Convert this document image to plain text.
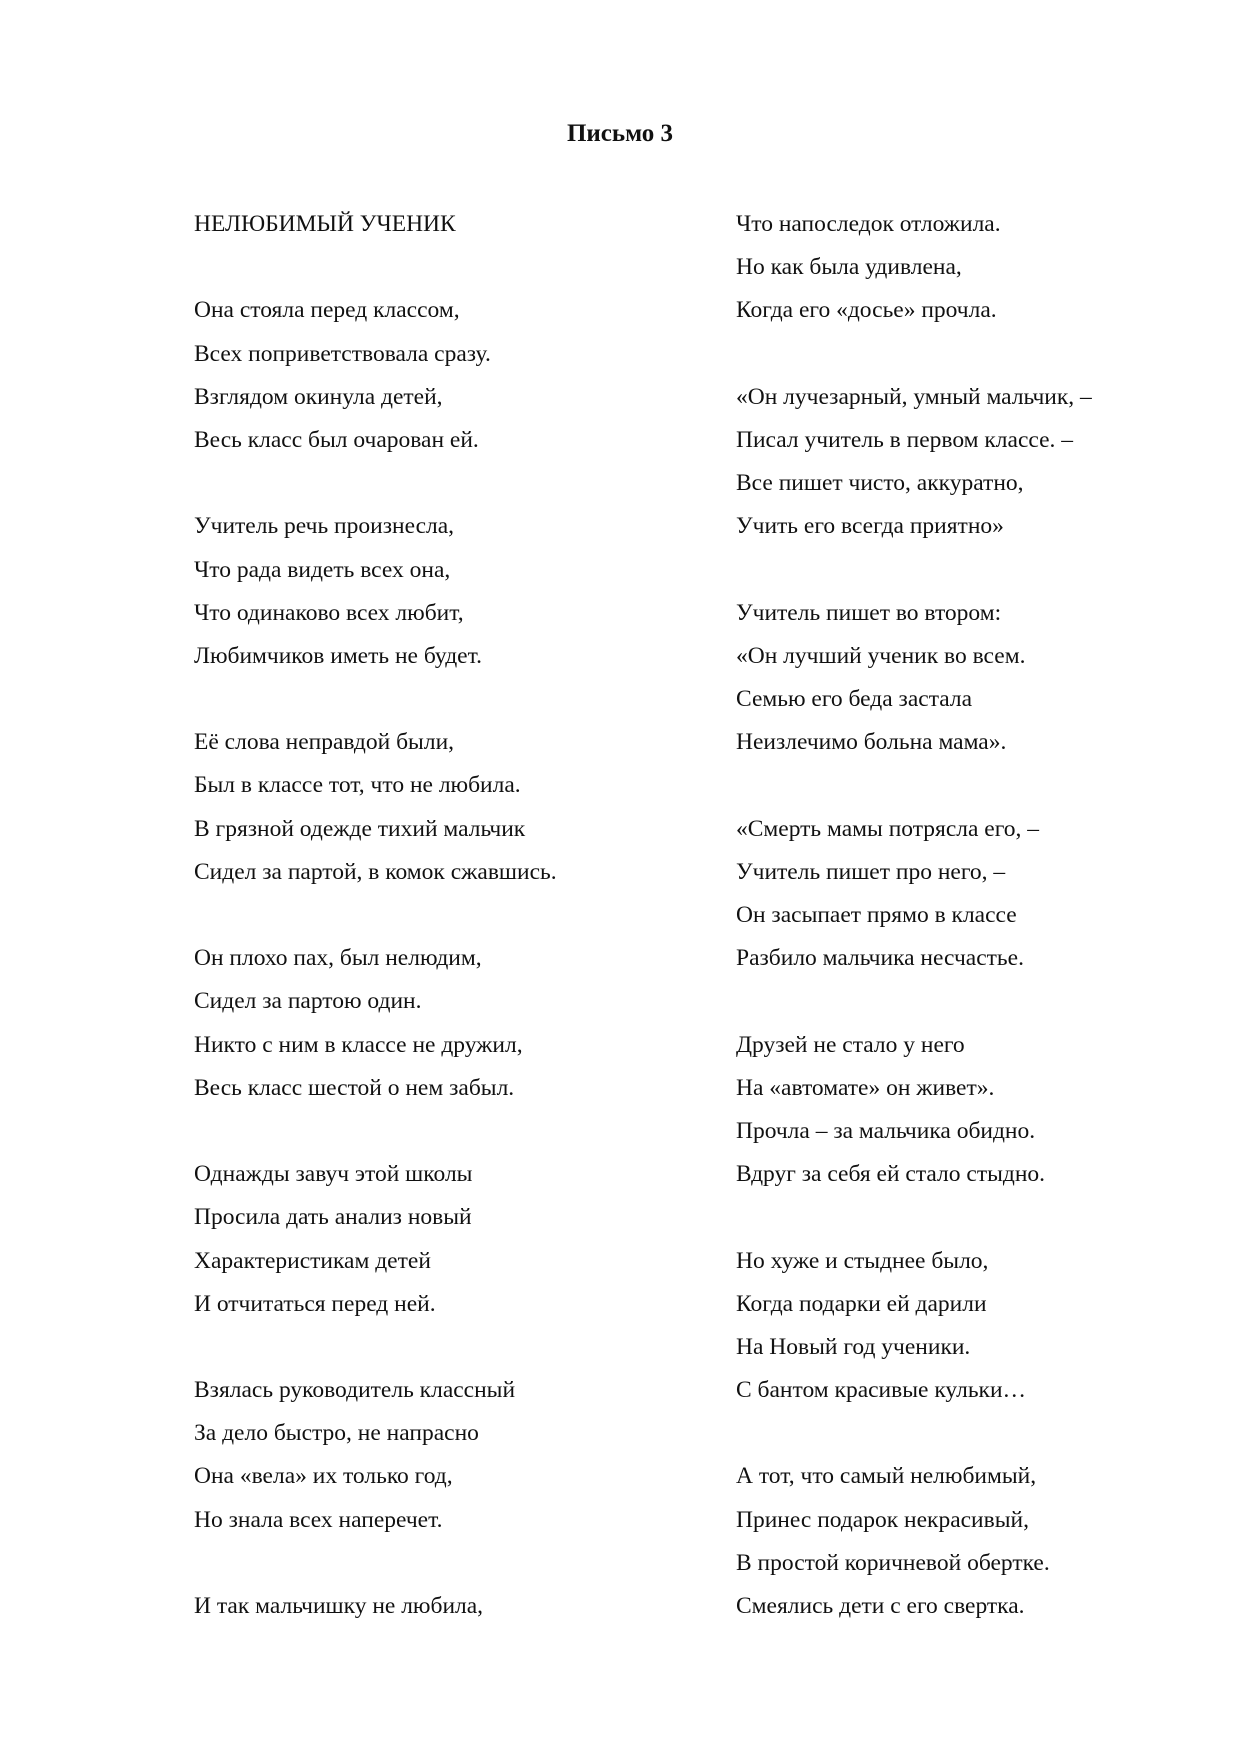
Письмо 3
НЕЛЮБИМЫЙ УЧЕНИК
Она стояла перед классом,
Всех поприветствовала сразу.
Взглядом окинула детей,
Весь класс был очарован ей.
Учитель речь произнесла,
Что рада видеть всех она,
Что одинаково всех любит,
Любимчиков иметь не будет.
Её слова неправдой были,
Был в классе тот, что не любила.
В грязной одежде тихий мальчик
Сидел за партой, в комок сжавшись.
Он плохо пах, был нелюдим,
Сидел за партою один.
Никто с ним в классе не дружил,
Весь класс шестой о нем забыл.
Однажды завуч этой школы
Просила дать анализ новый
Характеристикам детей
И отчитаться перед ней.
Взялась руководитель классный
За дело быстро, не напрасно
Она «вела» их только год,
Но знала всех наперечет.
И так мальчишку не любила,
Что напоследок отложила.
Но как была удивлена,
Когда его «досье» прочла.
«Он лучезарный, умный мальчик, –
Писал учитель в первом классе. –
Все пишет чисто, аккуратно,
Учить его всегда приятно»
Учитель пишет во втором:
«Он лучший ученик во всем.
Семью его беда застала
Неизлечимо больна мама».
«Смерть мамы потрясла его, –
Учитель пишет про него, –
Он засыпает прямо в классе
Разбило мальчика несчастье.
Друзей не стало у него
На «автомате» он живет».
Прочла – за мальчика обидно.
Вдруг за себя ей стало стыдно.
Но хуже и стыднее было,
Когда подарки ей дарили
На Новый год ученики.
С бантом красивые кульки…
А тот, что самый нелюбимый,
Принес подарок некрасивый,
В простой коричневой обертке.
Смеялись дети с его свертка.
